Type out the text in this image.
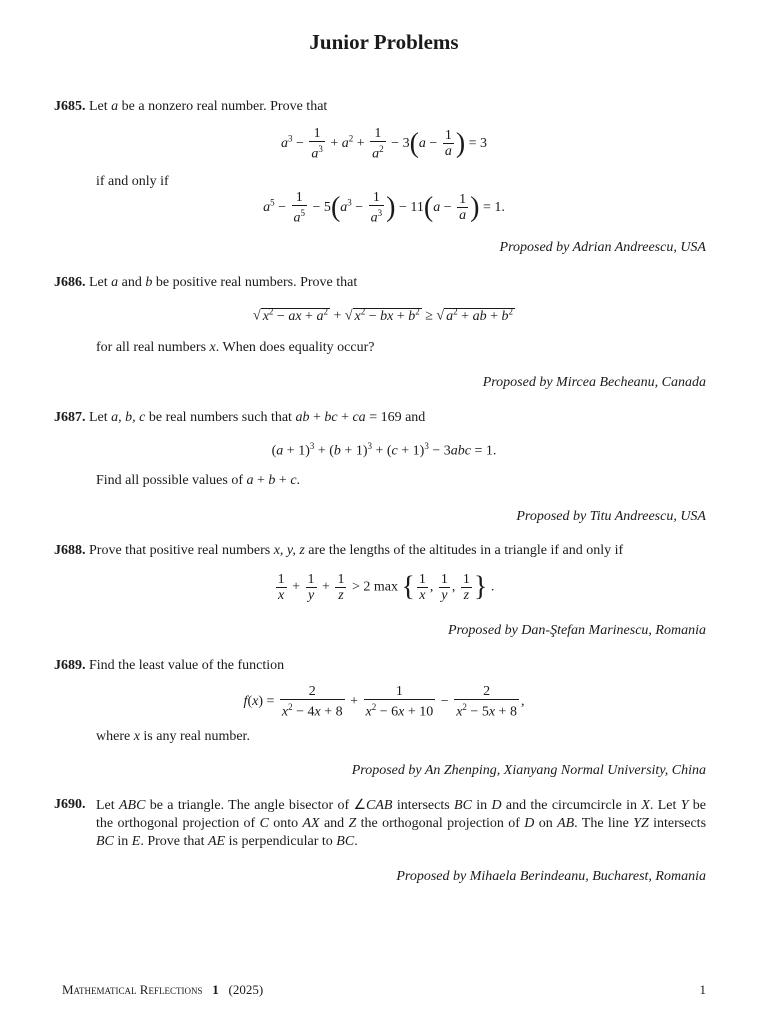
Junior Problems
J685. Let a be a nonzero real number. Prove that
$a^3 - \frac{1}{a^3} + a^2 + \frac{1}{a^2} - 3(a - \frac{1}{a}$ ) = 3
if and only if
$a^5 - \frac{1}{a^5} - 5(a^3 - \frac{1}{a^3}$ ) − $11(a - \frac{1}{a}$ ) = 1.
Proposed by Adrian Andreescu, USA
J686. Let a and b be positive real numbers. Prove that
√ $x^2$ − ax + $a^2$ + √ $x^2$ − bx + $b^2$ ≥ √ $a^2$ + ab + $b^2$
for all real numbers x. When does equality occur?
Proposed by Mircea Becheanu, Canada
J687. Let a, b, c be real numbers such that ab + bc + ca = 169 and
$(a + 1)^3 + (b + 1)^3 + (c + 1)^3 - 3abc = 1$.
Find all possible values of a + b + c.
Proposed by Titu Andreescu, USA
J688. Prove that positive real numbers x, y, z are the lengths of the altitudes in a triangle if and only if
$\frac{1}{x} + \frac{1}{y} + \frac{1}{z} > 2$ max { $\frac{1}{x}$ , $\frac{1}{y}$ , $\frac{1}{z}$ } .
Proposed by Dan-Ştefan Marinescu, Romania
J689. Find the least value of the function
$f(x) = \frac{2}{x^2 - 4x + 8} + \frac{1}{x^2 - 6x + 10} - \frac{2}{x^2 - 5x + 8}$ ,
where x is any real number.
Proposed by An Zhenping, Xianyang Normal University, China
J690. Let ABC be a triangle. The angle bisector of ∠CAB intersects BC in D and the circumcircle in X. Let Y be the orthogonal projection of C onto AX and Z the orthogonal projection of D on AB. The line YZ intersects BC in E. Prove that AE is perpendicular to BC.
Proposed by Mihaela Berindeanu, Bucharest, Romania
Mathematical Reflections 1 (2025)	1
